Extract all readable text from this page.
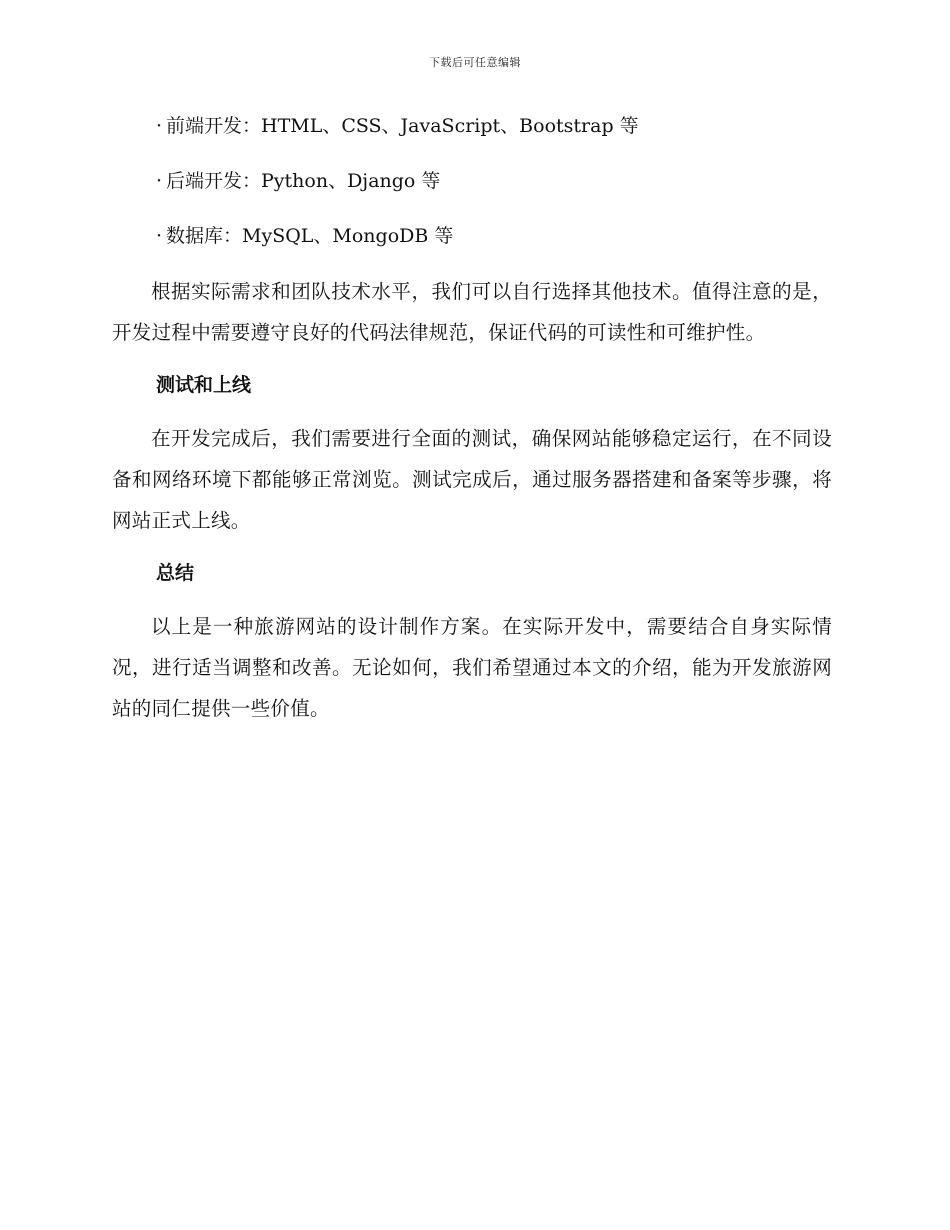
下载后可任意编辑
· 前端开发：HTML、CSS、JavaScript、Bootstrap 等
· 后端开发：Python、Django 等
· 数据库：MySQL、MongoDB 等

根据实际需求和团队技术水平，我们可以自行选择其他技术。值得注意的是，开发过程中需要遵守良好的代码法律规范，保证代码的可读性和可维护性。

测试和上线

在开发完成后，我们需要进行全面的测试，确保网站能够稳定运行，在不同设备和网络环境下都能够正常浏览。测试完成后，通过服务器搭建和备案等步骤，将网站正式上线。

总结

以上是一种旅游网站的设计制作方案。在实际开发中，需要结合自身实际情况，进行适当调整和改善。无论如何，我们希望通过本文的介绍，能为开发旅游网站的同仁提供一些价值。
